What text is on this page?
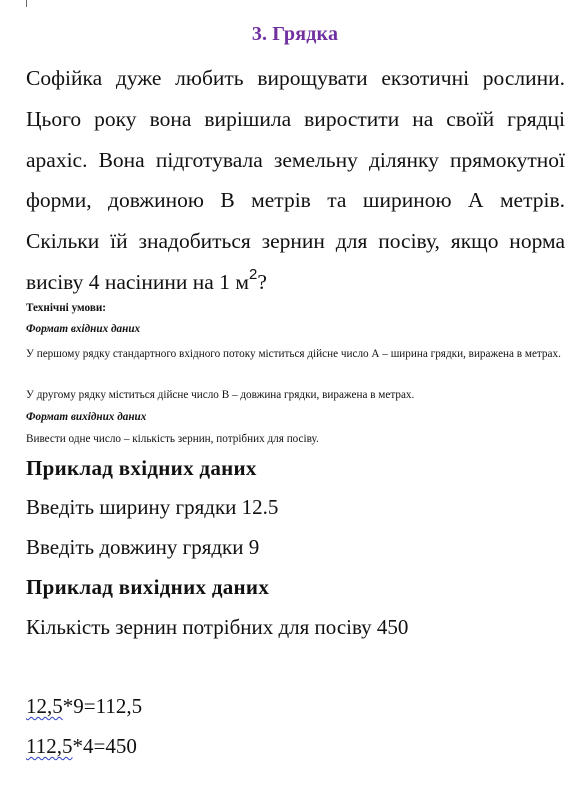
3. Грядка
Софійка дуже любить вирощувати екзотичні рослини. Цього року вона вирішила виростити на своїй грядці арахіс. Вона підготувала земельну ділянку прямокутної форми, довжиною В метрів та шириною А метрів. Скільки їй знадобиться зернин для посіву, якщо норма висіву 4 насінини на 1 $м^2$?
Технічні умови:
Формат вхідних даних
У першому рядку стандартного вхідного потоку міститься дійсне число А – ширина грядки, виражена в метрах.
У другому рядку міститься дійсне число В – довжина грядки, виражена в метрах.
Формат вихідних даних
Вивести одне число – кількість зернин, потрібних для посіву.
Приклад вхідних даних
Введіть ширину грядки 12.5
Введіть довжину грядки 9
Приклад вихідних даних
Кількість зернин потрібних для посіву 450
12,5*9=112,5
112,5*4=450
